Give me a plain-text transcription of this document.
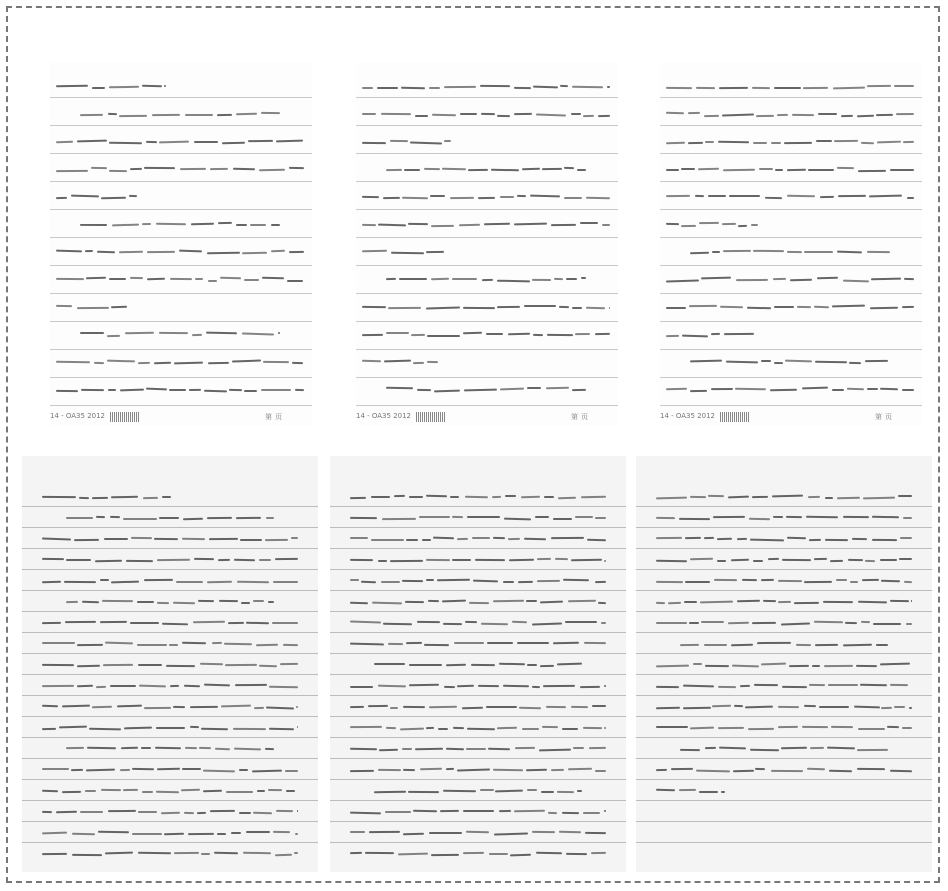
14 - OA35 2012	第 页	14 - OA35 2012	第 页	14 - OA35 2012	第 页
